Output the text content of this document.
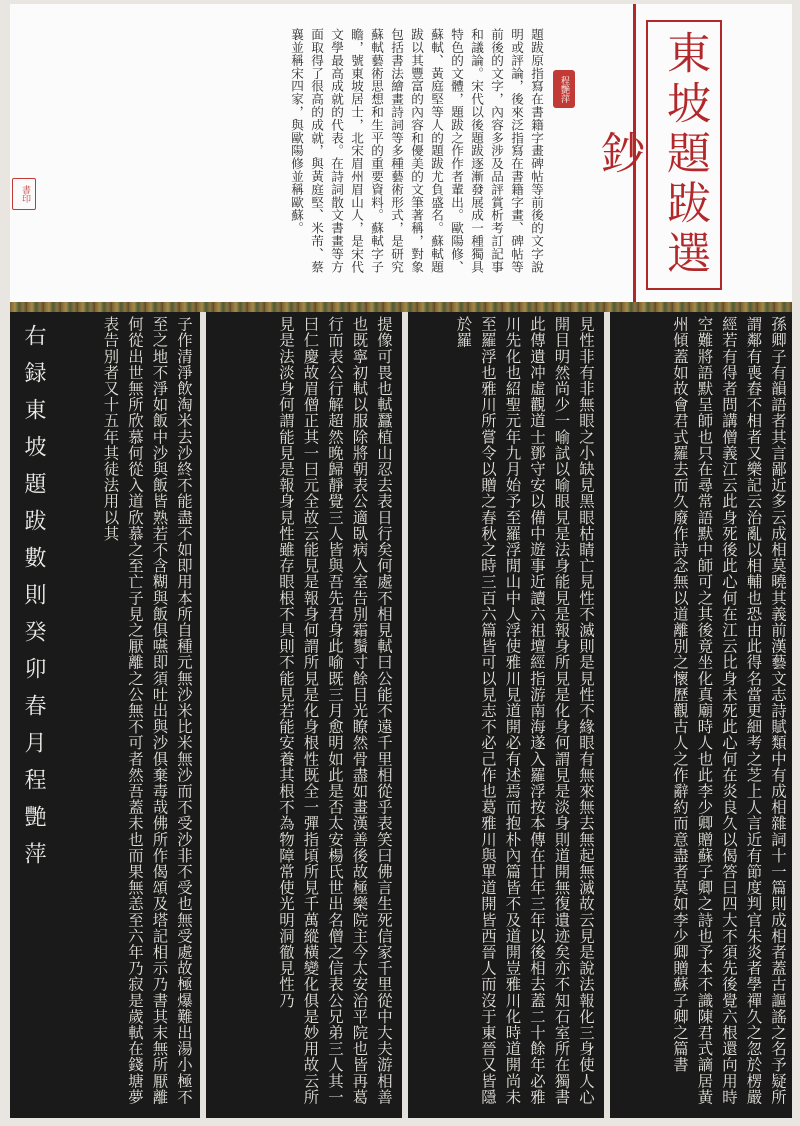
題跋原指寫在書籍字畫碑帖等前後的文字說明或評論，後來泛指寫在書籍字畫、碑帖等前後的文字，內容多涉及品評賞析考訂記事和議論。宋代以後題跋逐漸發展成一種獨具特色的文體，題跋之作作者輩出。歐陽修、蘇軾、黃庭堅等人的題跋尤負盛名。蘇軾題跋以其豐富的內容和優美的文筆著稱，對象包括書法繪畫詩詞等多種藝術形式，是研究蘇軾藝術思想和生平的重要資料。蘇軾字子瞻，號東坡居士，北宋眉州眉山人，是宋代文學最高成就的代表。在詩詞散文書畫等方面取得了很高的成就，與黃庭堅、米芾、蔡襄並稱宋四家，與歐陽修並稱歐蘇。	程艷萍
書印	東坡題跋選鈔
右録東坡題跋數則癸卯春月程艷萍	子作清淨飲淘米去沙終不能盡不如即用本所自種元無沙米比米無沙而不受沙非不受也無受處故極爆難出湯小極不至之地不淨如飯中沙與飯皆熟若不含糊與飯俱嚥即須吐出與沙俱棄毒哉佛所作偈頌及塔記相示乃書其末無所厭離何從出世無所欣慕何從入道欣慕之至亡子見之厭離之公無不可者然吾蓋未也而果無恙至六年乃寂是歲軾在錢塘夢表告別者又十五年其徒法用以其	提像可畏也軾蠶植山忍去表日行矣何處不相見軾曰公能不遠千里相從乎表笑曰佛言生死信家千里從中大夫游相善也既寧初軾以服除將朝表公適臥病入室告別霜鬚寸餘目光瞭然骨盡如畫漢善後故極樂院主今太安治平院也皆再葛行而表公行解超然晚歸靜覺三人皆與吾先君身此喻既三月愈明如此是否太安楊氏世出名僧之信表公兄弟三人其一曰仁慶故眉僧正其一曰元全故云能見是報身何謂所見是化身根性既全一彈指頃所見千萬縱橫變化俱是妙用故云所見是法淡身何謂能見是報身見性雖存眼根不具則不能見若能安養其根不為物障常使光明洞徹見性乃	見性非有非無眼之小缺見黑眼枯睛亡見性不滅則是見性不緣眼有無來無去無起無滅故云見是說法報化三身使人心開目明然尚少一喻試以喻眼見是法身能見是報身所見是化身何謂見是淡身則道開無復遺迹矣亦不知石室所在獨書此傳遺冲虛觀道士鄧守安以備中遊事近讀六祖壇經指游南海遂入羅浮按本傳在廿年三年以後相去蓋二十餘年必雅川先化也紹聖元年九月始予至羅浮閒山中人浮使雅川見道開必有述焉而抱朴內篇皆不及道開豈雅川化時道開尚未至羅浮也雅川所嘗令以贈之春秋之時三百六篇皆可以見志不必己作也葛雅川與單道開皆西晉人而沒于東晉又皆隱於羅	孫卿子有韻語者其言鄙近多云成相莫曉其義前漢藝文志詩賦類中有成相雜詞十一篇則成相者蓋古謳謠之名予疑所謂鄰有喪舂不相者又樂記云治亂以相輔也恐由此得名當更細考之芝上人言近有節度判官朱炎者學禪久之忽於楞嚴經若有得者問講僧義江云此身死後此心何在江云比身未死此心何在炎良久以偈答曰四大不須先後覺六根還向用時空難將語默呈師也只在尋常語默中師可之其後竟坐化真廟時人也此李少卿贈蘇子卿之詩也予本不識陳君式謫居黃州傾蓋如故會君式羅去而久廢作詩念無以道離別之懷歷觀古人之作辭約而意盡者莫如李少卿贈蘇子卿之篇書
